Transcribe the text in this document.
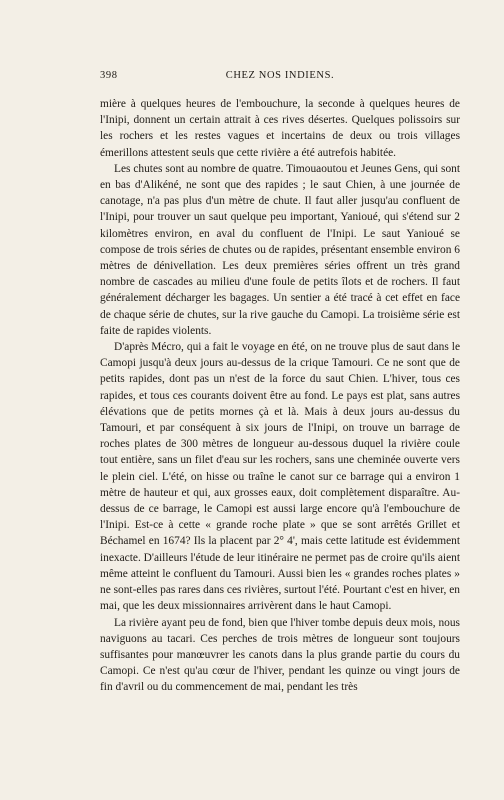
398	CHEZ NOS INDIENS.

mière à quelques heures de l'embouchure, la seconde à quelques heures de l'Inipi, donnent un certain attrait à ces rives désertes. Quelques polissoirs sur les rochers et les restes vagues et incertains de deux ou trois villages émerillons attestent seuls que cette rivière a été autrefois habitée.

Les chutes sont au nombre de quatre. Timouaoutou et Jeunes Gens, qui sont en bas d'Alikéné, ne sont que des rapides ; le saut Chien, à une journée de canotage, n'a pas plus d'un mètre de chute. Il faut aller jusqu'au confluent de l'Inipi, pour trouver un saut quelque peu important, Yanioué, qui s'étend sur 2 kilomètres environ, en aval du confluent de l'Inipi. Le saut Yanioué se compose de trois séries de chutes ou de rapides, présentant ensemble environ 6 mètres de dénivellation. Les deux premières séries offrent un très grand nombre de cascades au milieu d'une foule de petits îlots et de rochers. Il faut généralement décharger les bagages. Un sentier a été tracé à cet effet en face de chaque série de chutes, sur la rive gauche du Camopi. La troisième série est faite de rapides violents.

D'après Mécro, qui a fait le voyage en été, on ne trouve plus de saut dans le Camopi jusqu'à deux jours au-dessus de la crique Tamouri. Ce ne sont que de petits rapides, dont pas un n'est de la force du saut Chien. L'hiver, tous ces rapides, et tous ces courants doivent être au fond. Le pays est plat, sans autres élévations que de petits mornes çà et là. Mais à deux jours au-dessus du Tamouri, et par conséquent à six jours de l'Inipi, on trouve un barrage de roches plates de 300 mètres de longueur au-dessous duquel la rivière coule tout entière, sans un filet d'eau sur les rochers, sans une cheminée ouverte vers le plein ciel. L'été, on hisse ou traîne le canot sur ce barrage qui a environ 1 mètre de hauteur et qui, aux grosses eaux, doit complètement disparaître. Au-dessus de ce barrage, le Camopi est aussi large encore qu'à l'embouchure de l'Inipi. Est-ce à cette « grande roche plate » que se sont arrêtés Grillet et Béchamel en 1674? Ils la placent par 2° 4', mais cette latitude est évidemment inexacte. D'ailleurs l'étude de leur itinéraire ne permet pas de croire qu'ils aient même atteint le confluent du Tamouri. Aussi bien les « grandes roches plates » ne sont-elles pas rares dans ces rivières, surtout l'été. Pourtant c'est en hiver, en mai, que les deux missionnaires arrivèrent dans le haut Camopi.

La rivière ayant peu de fond, bien que l'hiver tombe depuis deux mois, nous naviguons au tacari. Ces perches de trois mètres de longueur sont toujours suffisantes pour manœuvrer les canots dans la plus grande partie du cours du Camopi. Ce n'est qu'au cœur de l'hiver, pendant les quinze ou vingt jours de fin d'avril ou du commencement de mai, pendant les très
